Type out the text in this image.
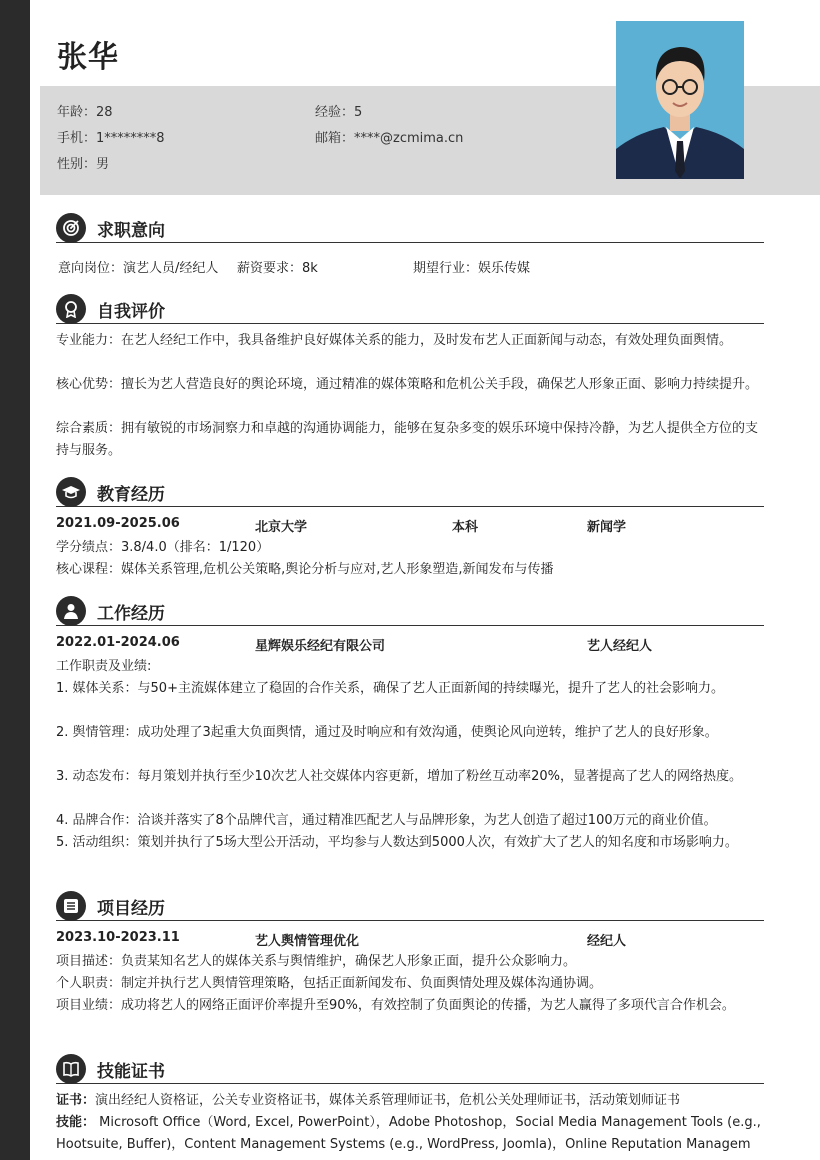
张华
年龄：28	经验：5
手机：1********8	邮箱：****@zcmima.cn
性别：男
求职意向
意向岗位：演艺人员/经纪人 薪资要求：8k	期望行业：娱乐传媒
自我评价
专业能力：在艺人经纪工作中，我具备维护良好媒体关系的能力，及时发布艺人正面新闻与动态，有效处理负面舆情。
核心优势：擅长为艺人营造良好的舆论环境，通过精准的媒体策略和危机公关手段，确保艺人形象正面、影响力持续提升。
综合素质：拥有敏锐的市场洞察力和卓越的沟通协调能力，能够在复杂多变的娱乐环境中保持冷静，为艺人提供全方位的支持与服务。
教育经历
2021.09-2025.06	北京大学	本科	新闻学
学分绩点：3.8/4.0（排名：1/120）
核心课程：媒体关系管理,危机公关策略,舆论分析与应对,艺人形象塑造,新闻发布与传播
工作经历
2022.01-2024.06	星辉娱乐经纪有限公司	艺人经纪人
工作职责及业绩:
1. 媒体关系：与50+主流媒体建立了稳固的合作关系，确保了艺人正面新闻的持续曝光，提升了艺人的社会影响力。
2. 舆情管理：成功处理了3起重大负面舆情，通过及时响应和有效沟通，使舆论风向逆转，维护了艺人的良好形象。
3. 动态发布：每月策划并执行至少10次艺人社交媒体内容更新，增加了粉丝互动率20%，显著提高了艺人的网络热度。
4. 品牌合作：洽谈并落实了8个品牌代言，通过精准匹配艺人与品牌形象，为艺人创造了超过100万元的商业价值。
5. 活动组织：策划并执行了5场大型公开活动，平均参与人数达到5000人次，有效扩大了艺人的知名度和市场影响力。
项目经历
2023.10-2023.11	艺人舆情管理优化	经纪人
项目描述：负责某知名艺人的媒体关系与舆情维护，确保艺人形象正面，提升公众影响力。
个人职责：制定并执行艺人舆情管理策略，包括正面新闻发布、负面舆情处理及媒体沟通协调。
项目业绩：成功将艺人的网络正面评价率提升至90%，有效控制了负面舆论的传播，为艺人赢得了多项代言合作机会。
技能证书
证书：演出经纪人资格证，公关专业资格证书，媒体关系管理师证书，危机公关处理师证书，活动策划师证书
技能： Microsoft Office（Word, Excel, PowerPoint），Adobe Photoshop，Social Media Management Tools (e.g., Hootsuite, Buffer)，Content Management Systems (e.g., WordPress, Joomla)，Online Reputation Managem
